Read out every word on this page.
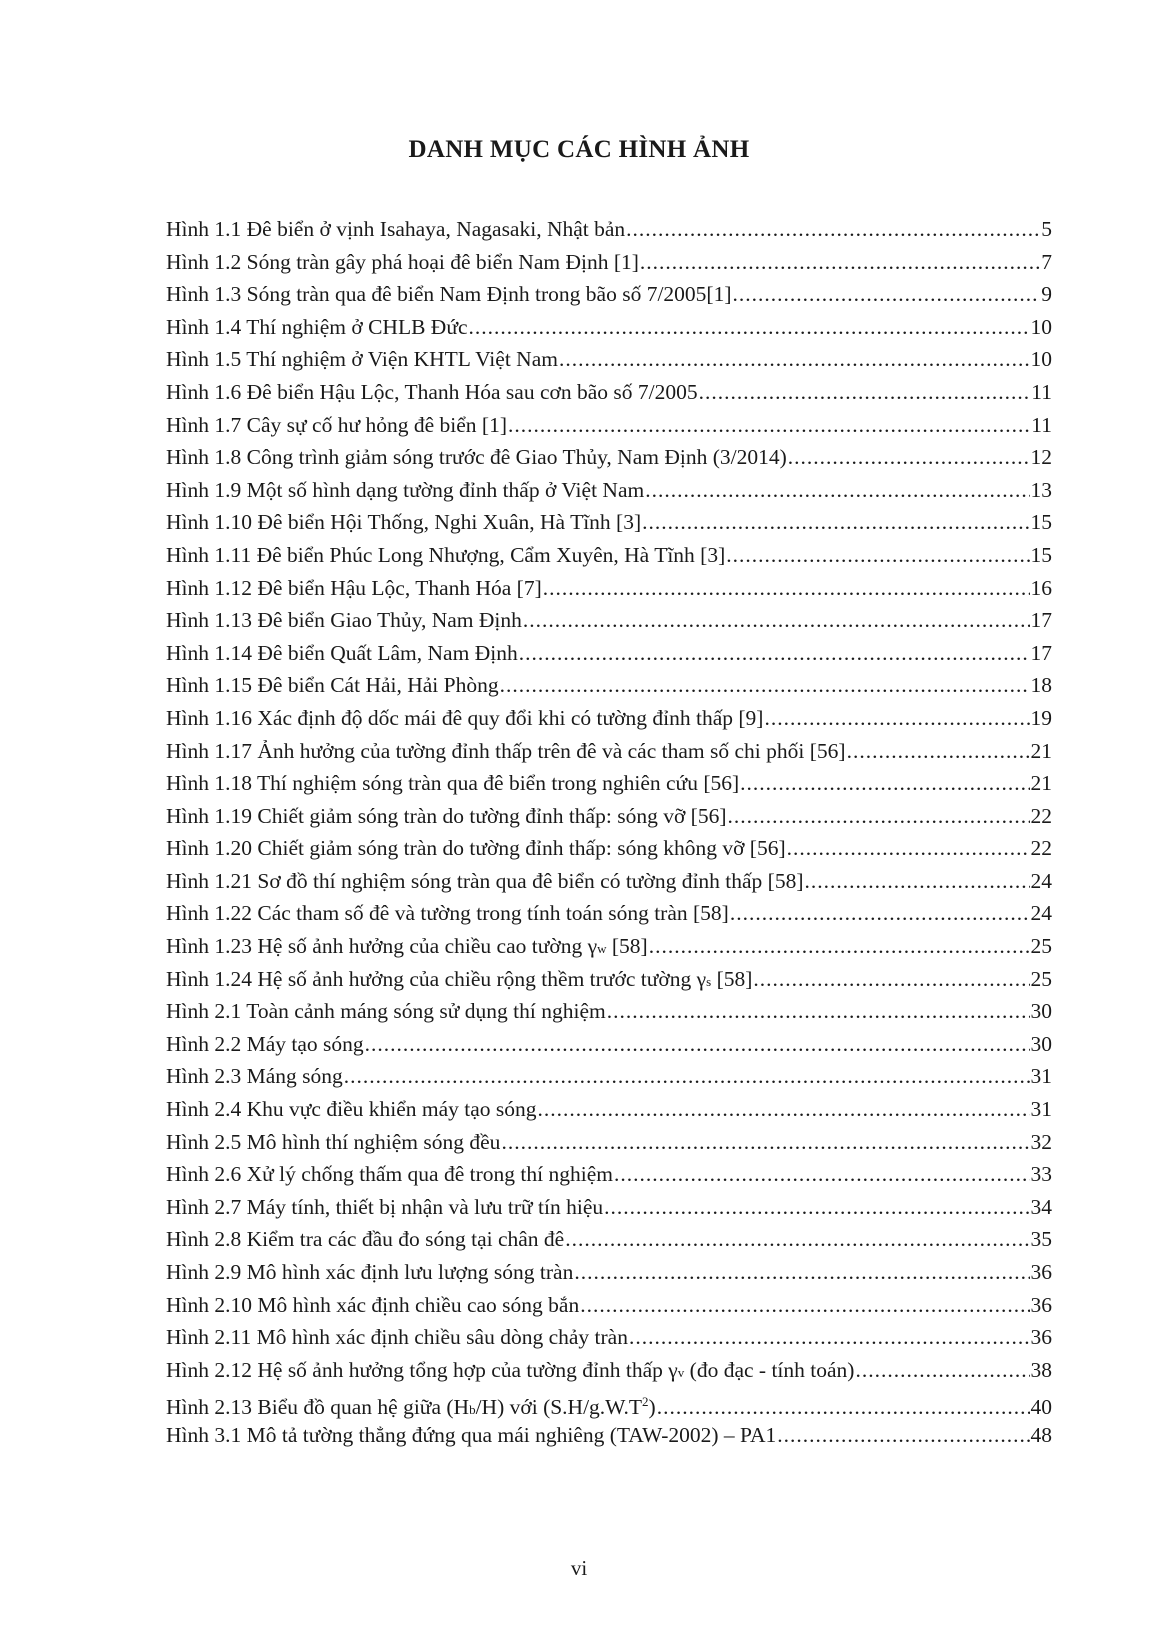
DANH MỤC CÁC HÌNH ẢNH
Hình 1.1 Đê biển ở vịnh Isahaya, Nagasaki, Nhật bản .....	5
Hình 1.2 Sóng tràn gây phá hoại đê biển Nam Định [1] .....	7
Hình 1.3 Sóng tràn qua đê biển Nam Định trong bão số 7/2005[1] .....	9
Hình 1.4 Thí nghiệm ở CHLB Đức .....	10
Hình 1.5 Thí nghiệm ở Viện KHTL Việt Nam .....	10
Hình 1.6 Đê biển Hậu Lộc, Thanh Hóa sau cơn bão số 7/2005 .....	11
Hình 1.7 Cây sự cố hư hỏng đê biển [1] .....	11
Hình 1.8 Công trình giảm sóng trước đê Giao Thủy, Nam Định (3/2014) .....	12
Hình 1.9 Một số hình dạng tường đỉnh thấp ở Việt Nam .....	13
Hình 1.10 Đê biển Hội Thống, Nghi Xuân, Hà Tĩnh [3] .....	15
Hình 1.11 Đê biển Phúc Long Nhượng, Cẩm Xuyên, Hà Tĩnh [3] .....	15
Hình 1.12 Đê biển Hậu Lộc, Thanh Hóa [7] .....	16
Hình 1.13 Đê biển Giao Thủy, Nam Định .....	17
Hình 1.14 Đê biển Quất Lâm, Nam Định .....	17
Hình 1.15 Đê biển Cát Hải, Hải Phòng .....	18
Hình 1.16 Xác định độ dốc mái đê quy đổi khi có tường đỉnh thấp [9] .....	19
Hình 1.17 Ảnh hưởng của tường đỉnh thấp trên đê và các tham số chi phối [56] .....	21
Hình 1.18 Thí nghiệm sóng tràn qua đê biển trong nghiên cứu [56] .....	21
Hình 1.19 Chiết giảm sóng tràn do tường đỉnh thấp: sóng vỡ [56] .....	22
Hình 1.20 Chiết giảm sóng tràn do tường đỉnh thấp: sóng không vỡ [56] .....	22
Hình 1.21 Sơ đồ thí nghiệm sóng tràn qua đê biển có tường đỉnh thấp [58] .....	24
Hình 1.22 Các tham số đê và tường trong tính toán sóng tràn [58] .....	24
Hình 1.23 Hệ số ảnh hưởng của chiều cao tường γw [58] .....	25
Hình 1.24 Hệ số ảnh hưởng của chiều rộng thềm trước tường γs [58] .....	25
Hình 2.1 Toàn cảnh máng sóng sử dụng thí nghiệm .....	30
Hình 2.2 Máy tạo sóng .....	30
Hình 2.3 Máng sóng .....	31
Hình 2.4 Khu vực điều khiển máy tạo sóng .....	31
Hình 2.5 Mô hình thí nghiệm sóng đều .....	32
Hình 2.6 Xử lý chống thấm qua đê trong thí nghiệm .....	33
Hình 2.7 Máy tính, thiết bị nhận và lưu trữ tín hiệu .....	34
Hình 2.8 Kiểm tra các đầu đo sóng tại chân đê .....	35
Hình 2.9 Mô hình xác định lưu lượng sóng tràn .....	36
Hình 2.10 Mô hình xác định chiều cao sóng bắn .....	36
Hình 2.11 Mô hình xác định chiều sâu dòng chảy tràn .....	36
Hình 2.12 Hệ số ảnh hưởng tổng hợp của tường đỉnh thấp γv (đo đạc - tính toán) .....	38
Hình 2.13 Biểu đồ quan hệ giữa (Hb/H) với $(S.H/g.W.T^2)$ .....	40
Hình 3.1 Mô tả tường thẳng đứng qua mái nghiêng (TAW-2002) – PA1 .....	48
vi
